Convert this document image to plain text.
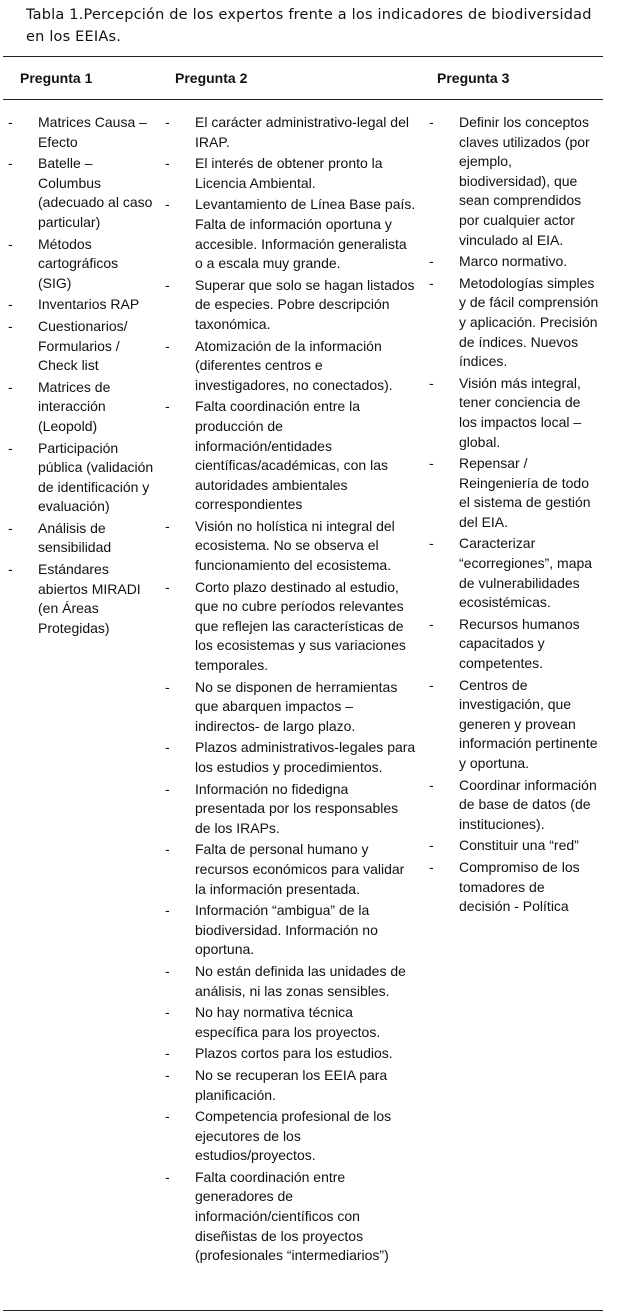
Tabla 1.Percepción de los expertos frente a los indicadores de biodiversidad en los EEIAs.
Pregunta 1	Pregunta 2	Pregunta 3
- Matrices Causa – Efecto
- Batelle – Columbus (adecuado al caso particular)
- Métodos cartográficos (SIG)
- Inventarios RAP
- Cuestionarios/ Formularios / Check list
- Matrices de interacción (Leopold)
- Participación pública (validación de identificación y evaluación)
- Análisis de sensibilidad
- Estándares abiertos MIRADI (en Áreas Protegidas)
- El carácter administrativo-legal del IRAP.
- El interés de obtener pronto la Licencia Ambiental.
- Levantamiento de Línea Base país. Falta de información oportuna y accesible. Información generalista o a escala muy grande.
- Superar que solo se hagan listados de especies. Pobre descripción taxonómica.
- Atomización de la información (diferentes centros e investigadores, no conectados).
- Falta coordinación entre la producción de información/entidades científicas/académicas, con las autoridades ambientales correspondientes
- Visión no holística ni integral del ecosistema. No se observa el funcionamiento del ecosistema.
- Corto plazo destinado al estudio, que no cubre períodos relevantes que reflejen las características de los ecosistemas y sus variaciones temporales.
- No se disponen de herramientas que abarquen impactos – indirectos- de largo plazo.
- Plazos administrativos-legales para los estudios y procedimientos.
- Información no fidedigna presentada por los responsables de los IRAPs.
- Falta de personal humano y recursos económicos para validar la información presentada.
- Información “ambigua” de la biodiversidad. Información no oportuna.
- No están definida las unidades de análisis, ni las zonas sensibles.
- No hay normativa técnica específica para los proyectos.
- Plazos cortos para los estudios.
- No se recuperan los EEIA para planificación.
- Competencia profesional de los ejecutores de los estudios/proyectos.
- Falta coordinación entre generadores de información/científicos con diseñistas de los proyectos (profesionales “intermediarios”)
- Definir los conceptos claves utilizados (por ejemplo, biodiversidad), que sean comprendidos por cualquier actor vinculado al EIA.
- Marco normativo.
- Metodologías simples y de fácil comprensión y aplicación. Precisión de índices. Nuevos índices.
- Visión más integral, tener conciencia de los impactos local – global.
- Repensar / Reingeniería de todo el sistema de gestión del EIA.
- Caracterizar “ecorregiones”, mapa de vulnerabilidades ecosistémicas.
- Recursos humanos capacitados y competentes.
- Centros de investigación, que generen y provean información pertinente y oportuna.
- Coordinar información de base de datos (de instituciones).
- Constituir una “red”
- Compromiso de los tomadores de decisión - Política
